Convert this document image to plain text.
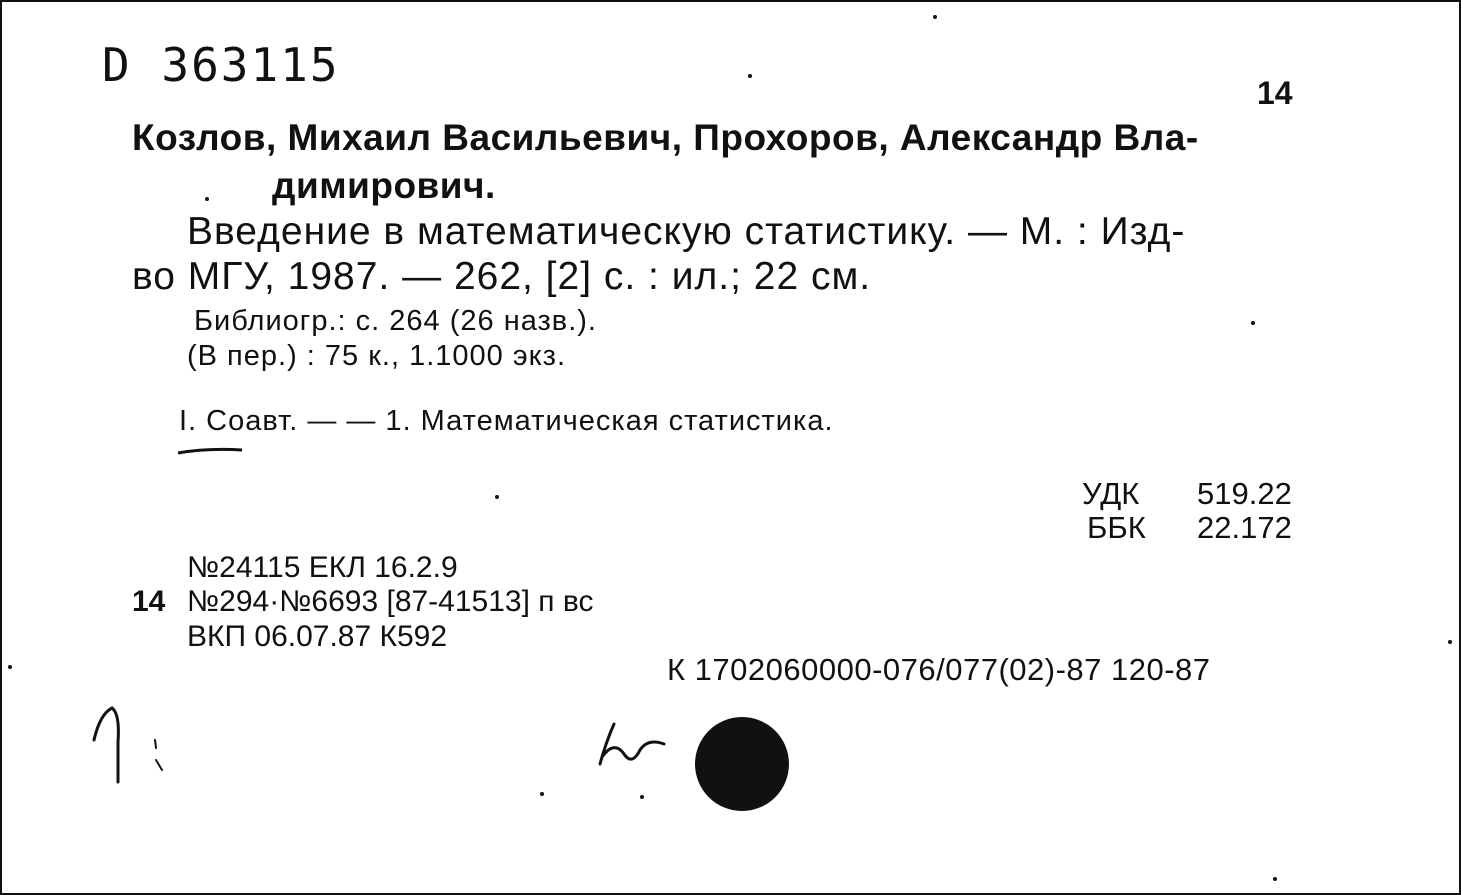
D 363115
14
Козлов, Михаил Васильевич, Прохоров, Александр Вла-
димирович.
Введение в математическую статистику. — М. : Изд-
во МГУ, 1987. — 262, [2] с. : ил.; 22 см.
Библиогр.: с. 264 (26 назв.).
(В пер.) : 75 к., 1.1000 экз.
I. Соавт. — — 1. Математическая статистика.
УДК 519.22
ББК 22.172
№24115 ЕКЛ 16.2.9
14 №294·№6693 [87-41513] п вс
ВКП 06.07.87 К592
К 1702060000-076/077(02)-87 120-87
